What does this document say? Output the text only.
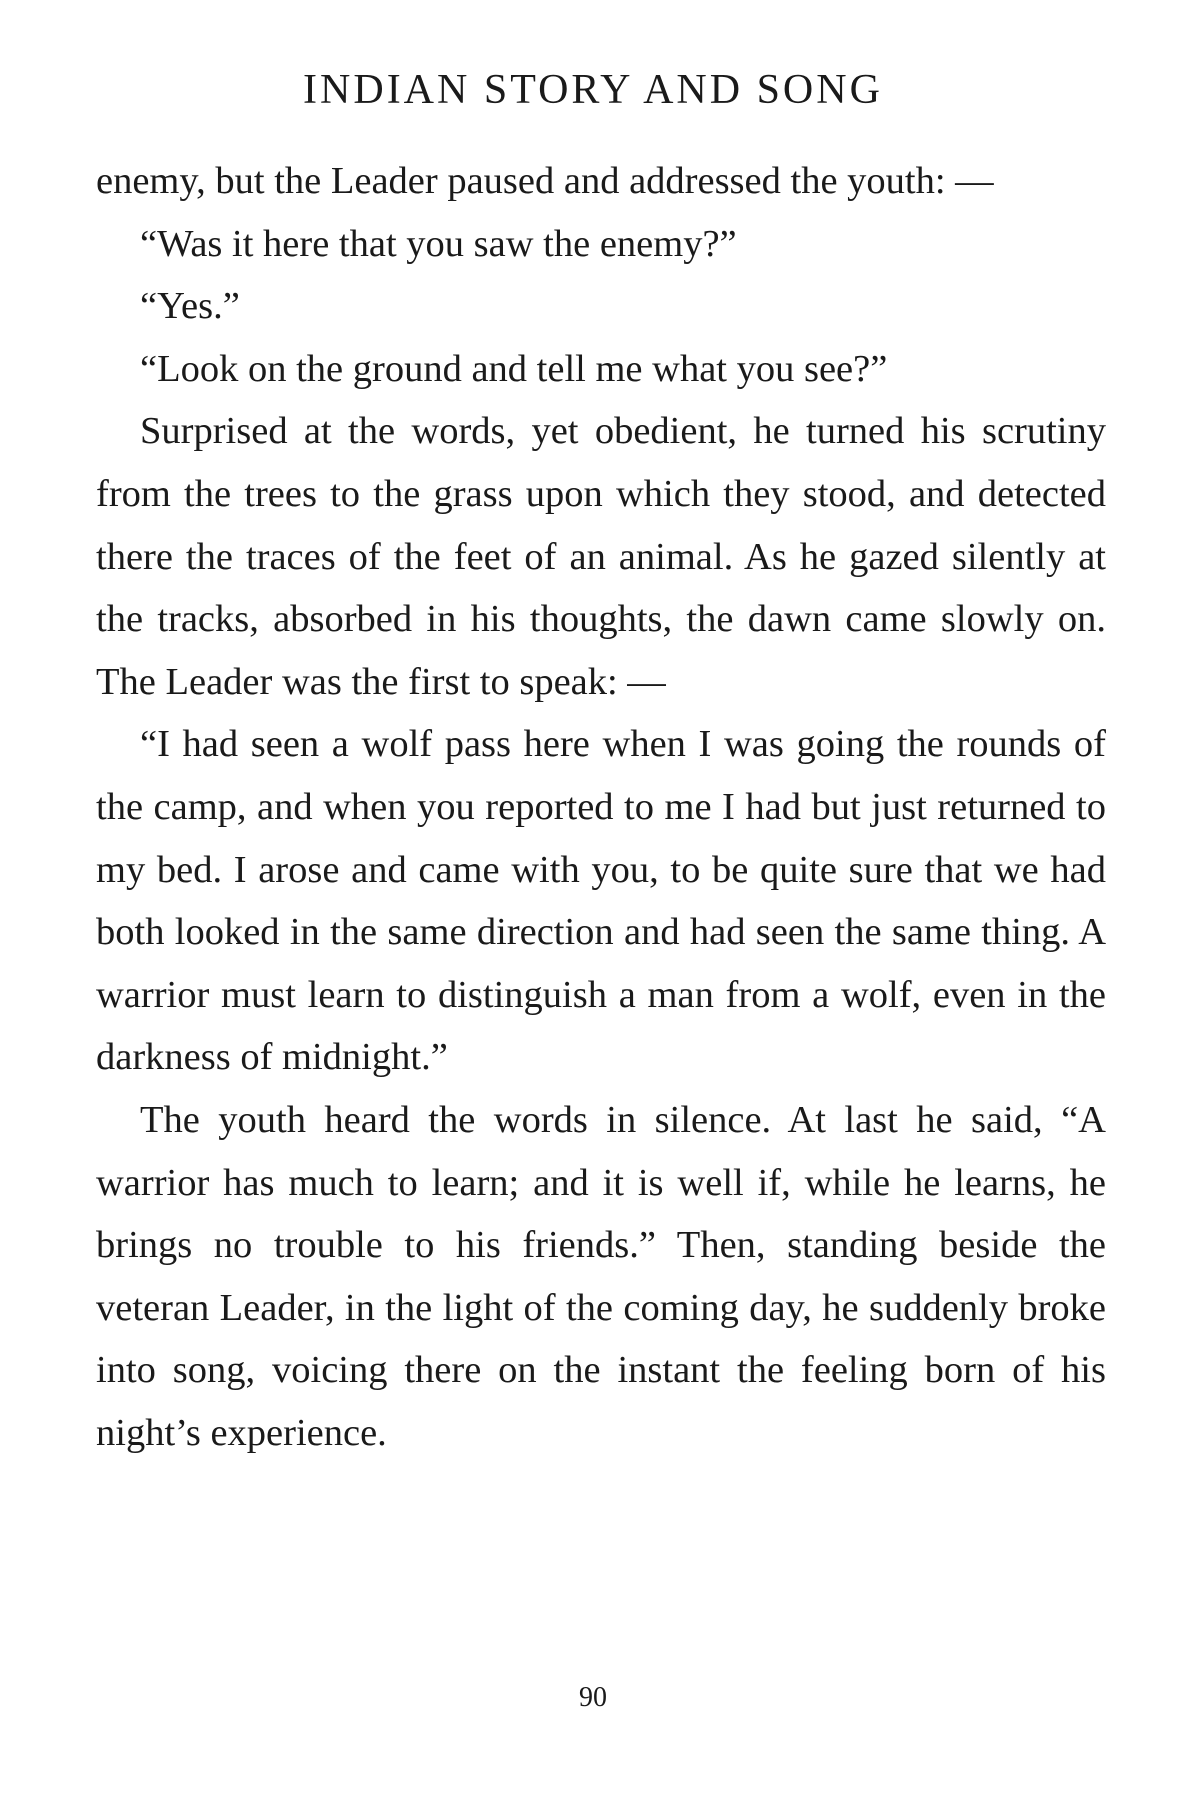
INDIAN STORY AND SONG

enemy, but the Leader paused and addressed the youth: —

“Was it here that you saw the enemy?”

“Yes.”

“Look on the ground and tell me what you see?”

Surprised at the words, yet obedient, he turned his scrutiny from the trees to the grass upon which they stood, and detected there the traces of the feet of an animal. As he gazed silently at the tracks, absorbed in his thoughts, the dawn came slowly on. The Leader was the first to speak: —

“I had seen a wolf pass here when I was going the rounds of the camp, and when you reported to me I had but just returned to my bed. I arose and came with you, to be quite sure that we had both looked in the same direction and had seen the same thing. A warrior must learn to distinguish a man from a wolf, even in the darkness of midnight.”

The youth heard the words in silence. At last he said, “A warrior has much to learn; and it is well if, while he learns, he brings no trouble to his friends.” Then, standing beside the veteran Leader, in the light of the coming day, he suddenly broke into song, voicing there on the instant the feeling born of his night’s experience.

90
